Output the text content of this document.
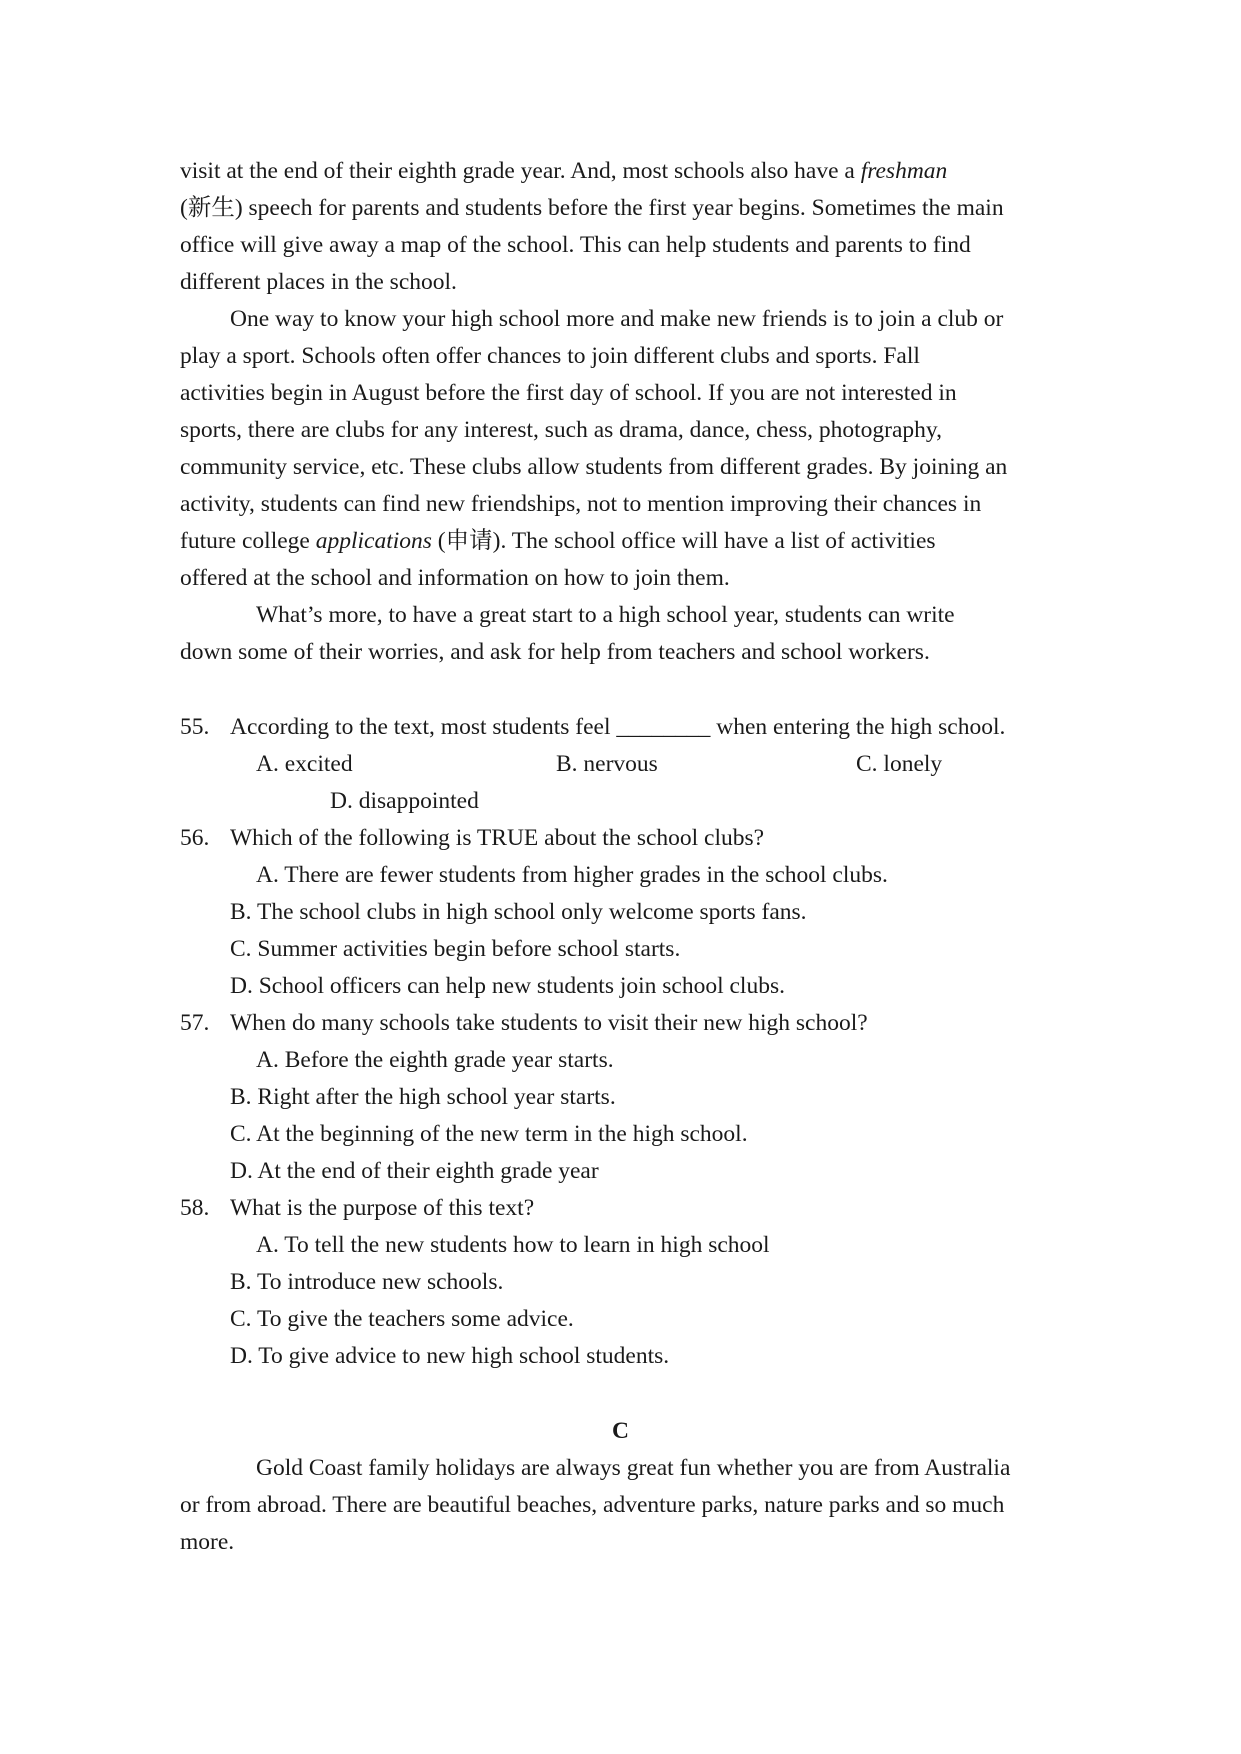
visit at the end of their eighth grade year. And, most schools also have a freshman
(新生) speech for parents and students before the first year begins. Sometimes the main
office will give away a map of the school. This can help students and parents to find
different places in the school.
One way to know your high school more and make new friends is to join a club or
play a sport. Schools often offer chances to join different clubs and sports. Fall
activities begin in August before the first day of school. If you are not interested in
sports, there are clubs for any interest, such as drama, dance, chess, photography,
community service, etc. These clubs allow students from different grades. By joining an
activity, students can find new friendships, not to mention improving their chances in
future college applications (申请). The school office will have a list of activities
offered at the school and information on how to join them.
What’s more, to have a great start to a high school year, students can write
down some of their worries, and ask for help from teachers and school workers.
55. According to the text, most students feel ________ when entering the high school.
A. excited	B. nervous	C. lonely
D. disappointed
56. Which of the following is TRUE about the school clubs?
A. There are fewer students from higher grades in the school clubs.
B. The school clubs in high school only welcome sports fans.
C. Summer activities begin before school starts.
D. School officers can help new students join school clubs.
57. When do many schools take students to visit their new high school?
A. Before the eighth grade year starts.
B. Right after the high school year starts.
C. At the beginning of the new term in the high school.
D. At the end of their eighth grade year
58. What is the purpose of this text?
A. To tell the new students how to learn in high school
B. To introduce new schools.
C. To give the teachers some advice.
D. To give advice to new high school students.
C
Gold Coast family holidays are always great fun whether you are from Australia
or from abroad. There are beautiful beaches, adventure parks, nature parks and so much
more.
